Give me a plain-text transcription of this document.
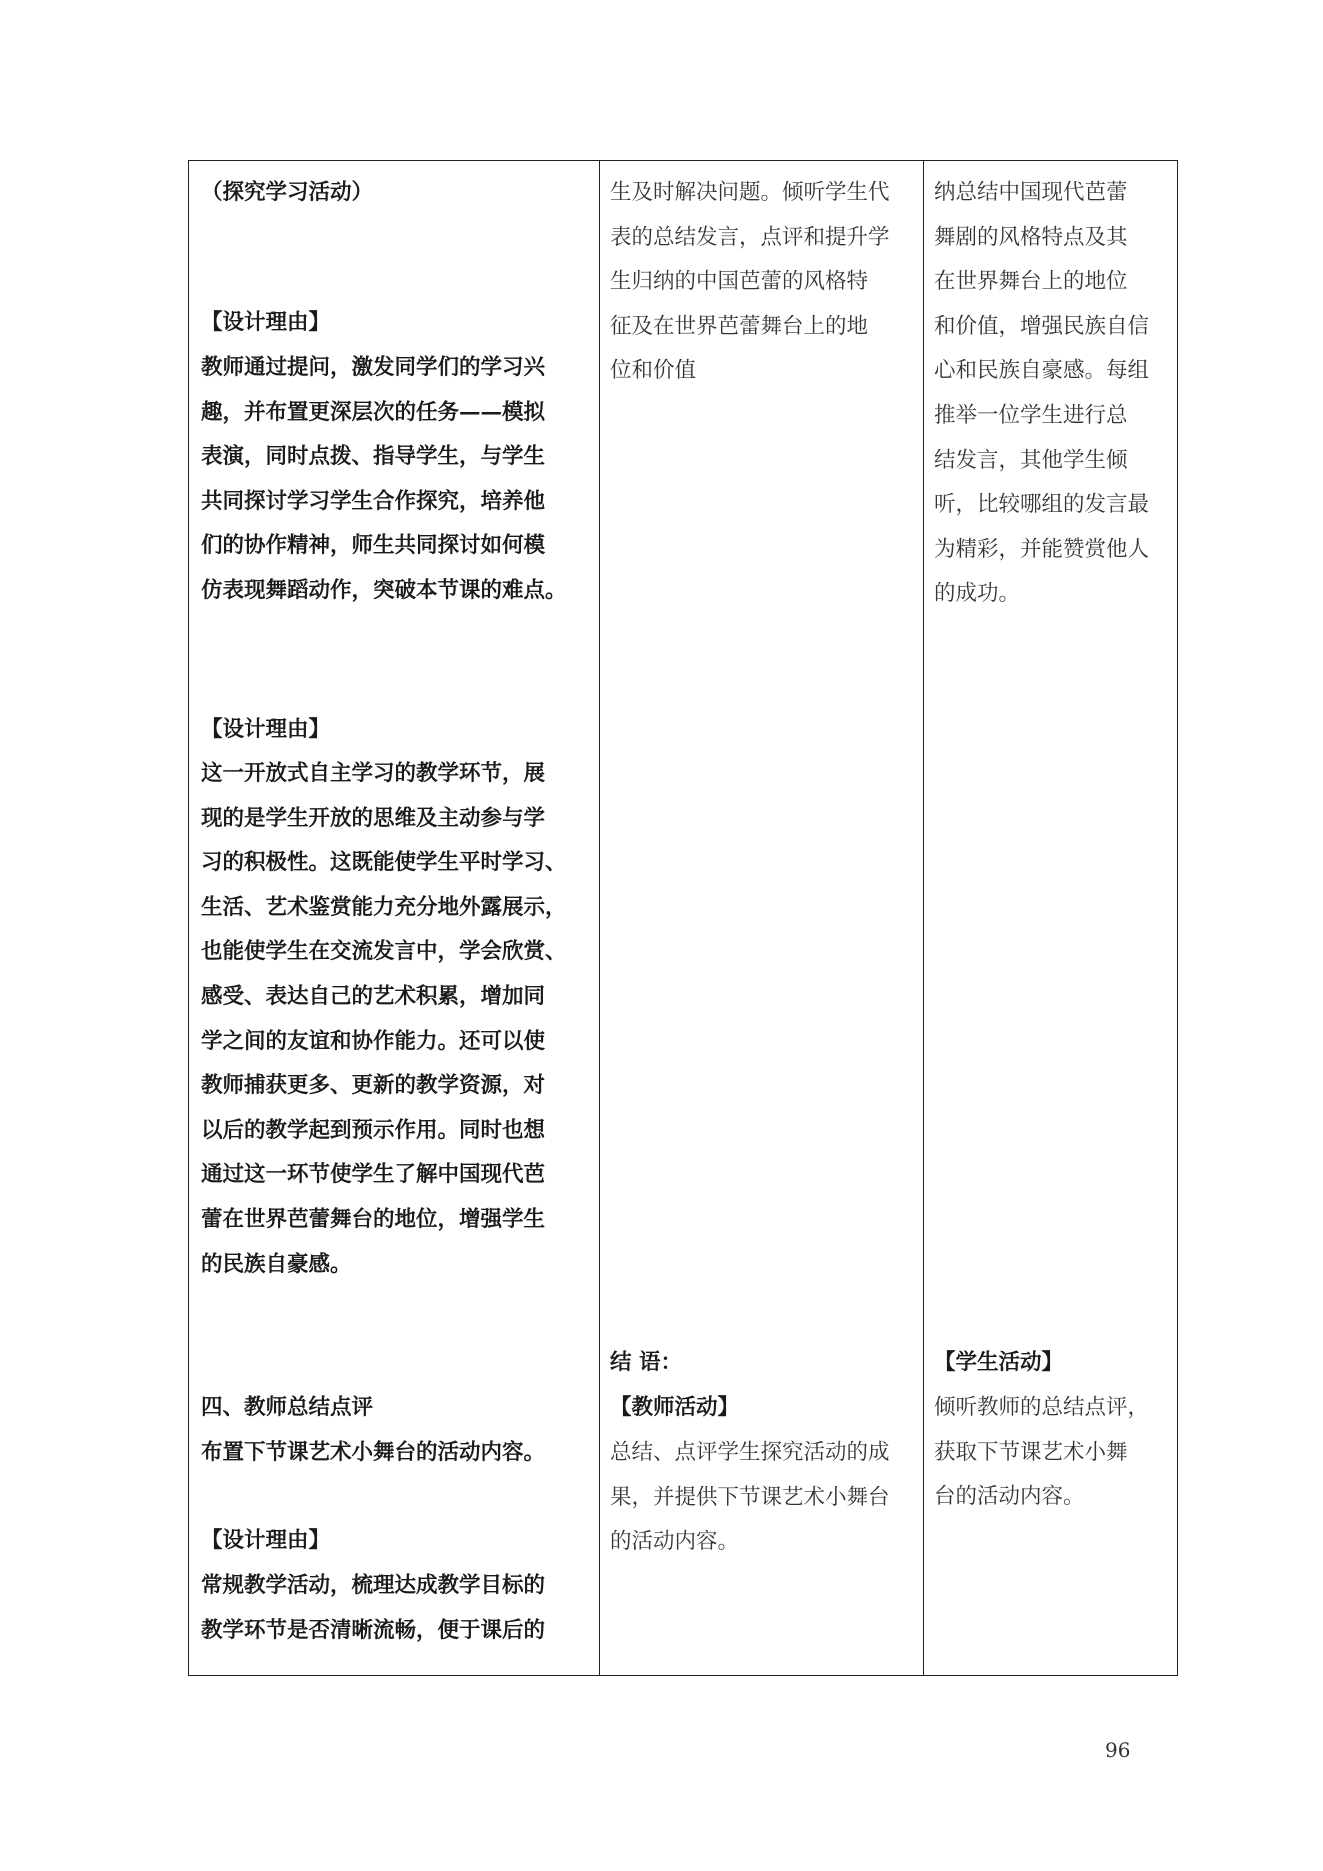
（探究学习活动）

【设计理由】

教师通过提问，激发同学们的学习兴
趣，并布置更深层次的任务——模拟
表演，同时点拨、指导学生，与学生
共同探讨学习学生合作探究，培养他
们的协作精神，师生共同探讨如何模
仿表现舞蹈动作，突破本节课的难点。

【设计理由】

这一开放式自主学习的教学环节，展
现的是学生开放的思维及主动参与学
习的积极性。这既能使学生平时学习、
生活、艺术鉴赏能力充分地外露展示，
也能使学生在交流发言中，学会欣赏、
感受、表达自己的艺术积累，增加同
学之间的友谊和协作能力。还可以使
教师捕获更多、更新的教学资源，对
以后的教学起到预示作用。同时也想
通过这一环节使学生了解中国现代芭
蕾在世界芭蕾舞台的地位，增强学生
的民族自豪感。

四、教师总结点评

布置下节课艺术小舞台的活动内容。

【设计理由】

常规教学活动，梳理达成教学目标的
教学环节是否清晰流畅，便于课后的

生及时解决问题。倾听学生代
表的总结发言，点评和提升学
生归纳的中国芭蕾的风格特
征及在世界芭蕾舞台上的地
位和价值

结 语：

【教师活动】

总结、点评学生探究活动的成
果，并提供下节课艺术小舞台
的活动内容。

纳总结中国现代芭蕾
舞剧的风格特点及其
在世界舞台上的地位
和价值，增强民族自信
心和民族自豪感。每组
推举一位学生进行总
结发言，其他学生倾
听，比较哪组的发言最
为精彩，并能赞赏他人
的成功。

【学生活动】

倾听教师的总结点评，
获取下节课艺术小舞
台的活动内容。

96
